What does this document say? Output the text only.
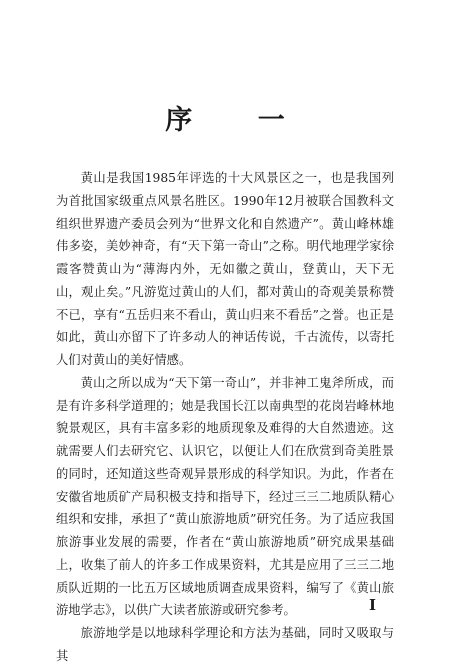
序 一

黄山是我国1985年评选的十大风景区之一，也是我国列为首批国家级重点风景名胜区。1990年12月被联合国教科文组织世界遗产委员会列为“世界文化和自然遗产”。黄山峰林雄伟多姿，美妙神奇，有“天下第一奇山”之称。明代地理学家徐霞客赞黄山为“薄海内外，无如徽之黄山，登黄山，天下无山，观止矣。”凡游览过黄山的人们，都对黄山的奇观美景称赞不已，享有“五岳归来不看山，黄山归来不看岳”之誉。也正是如此，黄山亦留下了许多动人的神话传说，千古流传，以寄托人们对黄山的美好情感。

黄山之所以成为“天下第一奇山”，并非神工鬼斧所成，而是有许多科学道理的；她是我国长江以南典型的花岗岩峰林地貌景观区，具有丰富多彩的地质现象及难得的大自然遗迹。这就需要人们去研究它、认识它，以便让人们在欣赏到奇美胜景的同时，还知道这些奇观异景形成的科学知识。为此，作者在安徽省地质矿产局积极支持和指导下，经过三三二地质队精心组织和安排，承担了“黄山旅游地质”研究任务。为了适应我国旅游事业发展的需要，作者在“黄山旅游地质”研究成果基础上，收集了前人的许多工作成果资料，尤其是应用了三三二地质队近期的一比五万区域地质调查成果资料，编写了《黄山旅游地学志》，以供广大读者旅游或研究参考。

旅游地学是以地球科学理论和方法为基础，同时又吸取与其

I
